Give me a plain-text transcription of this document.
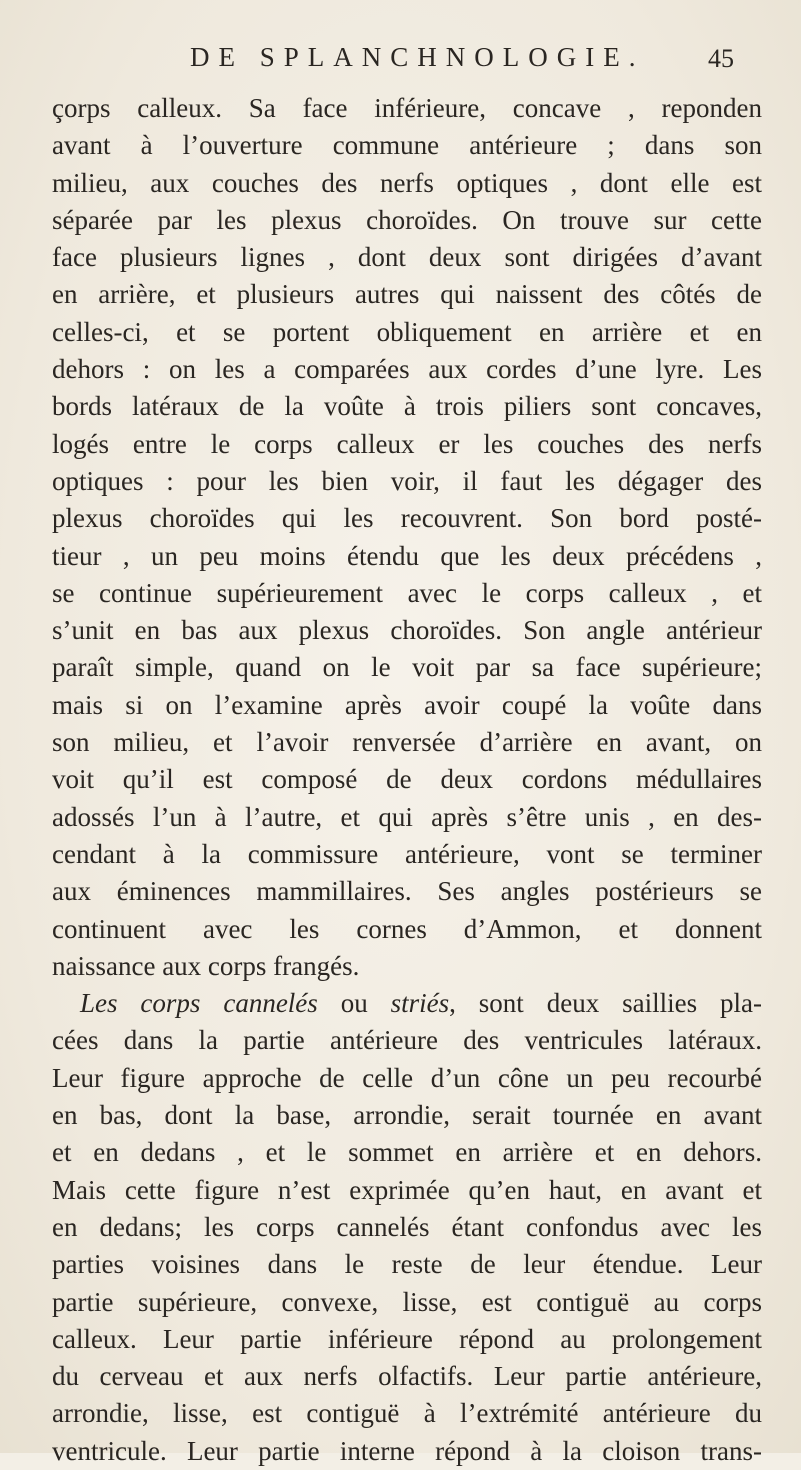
DE SPLANCHNOLOGIE. 45
çorps calleux. Sa face inférieure, concave , reponden
avant à l’ouverture commune antérieure ; dans son
milieu, aux couches des nerfs optiques , dont elle est
séparée par les plexus choroïdes. On trouve sur cette
face plusieurs lignes , dont deux sont dirigées d’avant
en arrière, et plusieurs autres qui naissent des côtés de
celles-ci, et se portent obliquement en arrière et en
dehors : on les a comparées aux cordes d’une lyre. Les
bords latéraux de la voûte à trois piliers sont concaves,
logés entre le corps calleux er les couches des nerfs
optiques : pour les bien voir, il faut les dégager des
plexus choroïdes qui les recouvrent. Son bord posté-
tieur , un peu moins étendu que les deux précédens ,
se continue supérieurement avec le corps calleux , et
s’unit en bas aux plexus choroïdes. Son angle antérieur
paraît simple, quand on le voit par sa face supérieure;
mais si on l’examine après avoir coupé la voûte dans
son milieu, et l’avoir renversée d’arrière en avant, on
voit qu’il est composé de deux cordons médullaires
adossés l’un à l’autre, et qui après s’être unis , en des-
cendant à la commissure antérieure, vont se terminer
aux éminences mammillaires. Ses angles postérieurs se
continuent avec les cornes d’Ammon, et donnent
naissance aux corps frangés.
Les corps cannelés ou striés, sont deux saillies pla-
cées dans la partie antérieure des ventricules latéraux.
Leur figure approche de celle d’un cône un peu recourbé
en bas, dont la base, arrondie, serait tournée en avant
et en dedans , et le sommet en arrière et en dehors.
Mais cette figure n’est exprimée qu’en haut, en avant et
en dedans; les corps cannelés étant confondus avec les
parties voisines dans le reste de leur étendue. Leur
partie supérieure, convexe, lisse, est contiguë au corps
calleux. Leur partie inférieure répond au prolongement
du cerveau et aux nerfs olfactifs. Leur partie antérieure,
arrondie, lisse, est contiguë à l’extrémité antérieure du
ventricule. Leur partie interne répond à la cloison trans-
